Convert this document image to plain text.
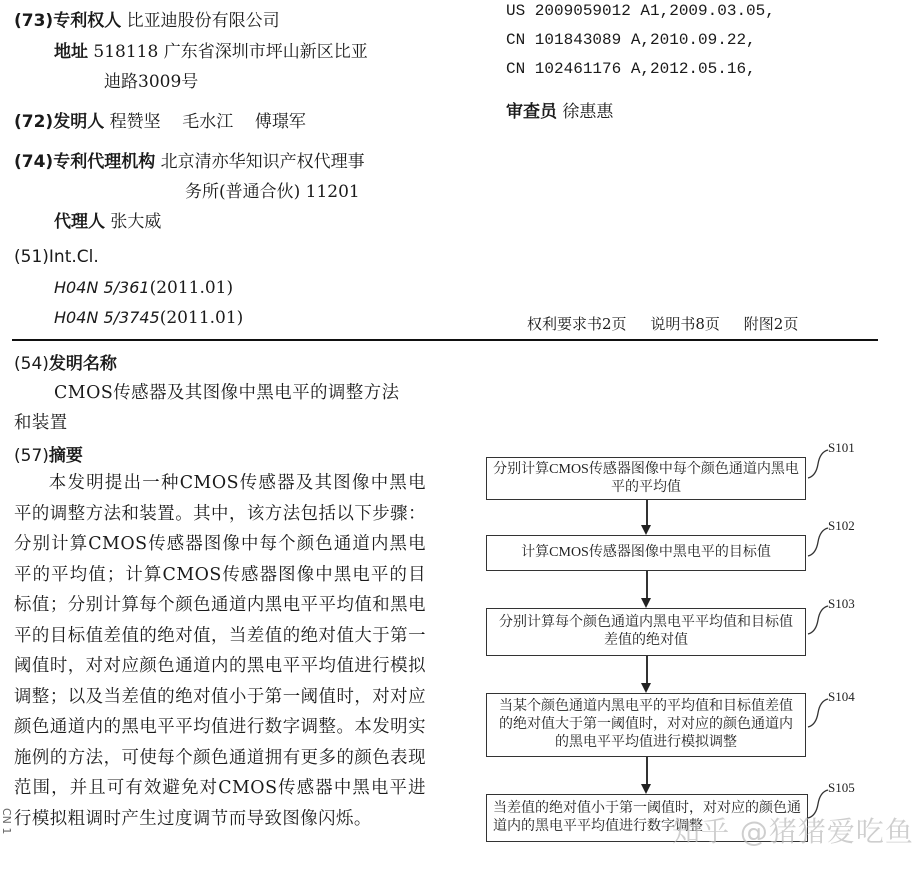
(73)专利权人 比亚迪股份有限公司
地址 518118 广东省深圳市坪山新区比亚
迪路3009号
(72)发明人 程赞坚 毛水江 傅璟军
(74)专利代理机构 北京清亦华知识产权代理事
务所(普通合伙) 11201
代理人 张大威
(51)Int.Cl.
H04N 5/361(2011.01)
H04N 5/3745(2011.01)
US 2009059012 A1,2009.03.05,
CN 101843089 A,2010.09.22,
CN 102461176 A,2012.05.16,
审查员 徐惠惠
权利要求书2页 说明书8页 附图2页
(54)发明名称
CMOS传感器及其图像中黑电平的调整方法
和装置
(57)摘要
本发明提出一种CMOS传感器及其图像中黑电平的调整方法和装置。其中，该方法包括以下步骤：分别计算CMOS传感器图像中每个颜色通道内黑电平的平均值；计算CMOS传感器图像中黑电平的目标值；分别计算每个颜色通道内黑电平平均值和黑电平的目标值差值的绝对值，当差值的绝对值大于第一阈值时，对对应颜色通道内的黑电平平均值进行模拟调整；以及当差值的绝对值小于第一阈值时，对对应颜色通道内的黑电平平均值进行数字调整。本发明实施例的方法，可使每个颜色通道拥有更多的颜色表现范围，并且可有效避免对CMOS传感器中黑电平进行模拟粗调时产生过度调节而导致图像闪烁。
分别计算CMOS传感器图像中每个颜色通道内黑电平的平均值
S101
计算CMOS传感器图像中黑电平的目标值
S102
分别计算每个颜色通道内黑电平平均值和目标值差值的绝对值
S103
当某个颜色通道内黑电平的平均值和目标值差值的绝对值大于第一阈值时，对对应的颜色通道内的黑电平平均值进行模拟调整
S104
当差值的绝对值小于第一阈值时，对对应的颜色通道内的黑电平平均值进行数字调整
S105
知乎 @猪猪爱吃鱼
CN 1
